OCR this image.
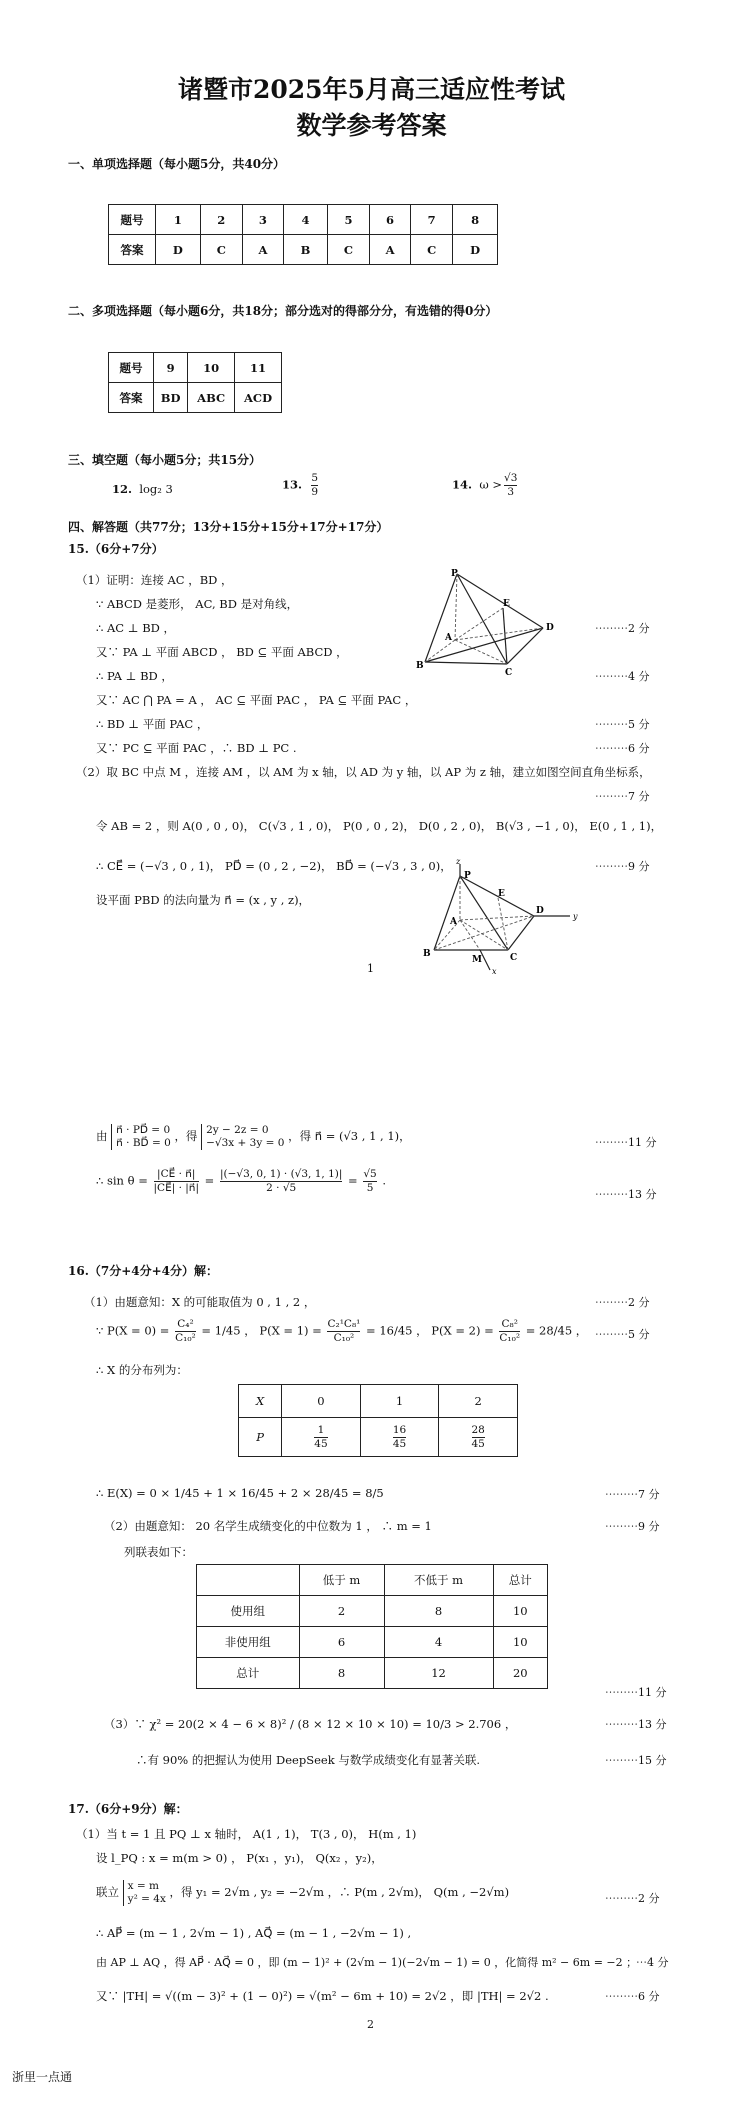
诸暨市2025年5月高三适应性考试
数学参考答案
一、单项选择题（每小题5分，共40分）
题号	1	2	3	4	5	6	7	8
答案	D	C	A	B	C	A	C	D
二、多项选择题（每小题6分，共18分；部分选对的得部分分，有选错的得0分）
题号	9	10	11
答案	BD	ABC	ACD
三、填空题（每小题5分；共15分）
12. log₂ 3	13. $\frac{5}{9}$	14. $\omega > \frac{√3}{3}$
四、解答题（共77分；13分+15分+15分+17分+17分）
15.（6分+7分）
（1）证明：连接 AC ，BD ，
∵ ABCD 是菱形， AC, BD 是对角线，
∴ AC ⊥ BD ，
又∵ PA ⊥ 平面 ABCD ， BD ⊆ 平面 ABCD ，
∴ PA ⊥ BD ，
又∵ AC ⋂ PA = A ， AC ⊆ 平面 PAC ， PA ⊆ 平面 PAC ，
∴ BD ⊥ 平面 PAC ，
又∵ PC ⊆ 平面 PAC ，∴ BD ⊥ PC .
⋯⋯⋯2 分
⋯⋯⋯4 分
⋯⋯⋯5 分
⋯⋯⋯6 分
P
A
B
C
D
E
（2）取 BC 中点 M ，连接 AM ，以 AM 为 x 轴，以 AD 为 y 轴，以 AP 为 z 轴，建立如图空间直角坐标系，
⋯⋯⋯7 分
令 AB = 2 ，则 A(0 , 0 , 0)， C(√3 , 1 , 0)， P(0 , 0 , 2)， D(0 , 2 , 0)， B(√3 , −1 , 0)， E(0 , 1 , 1)，
∴ CE⃗ = (−√3 , 0 , 1)， PD⃗ = (0 , 2 , −2)， BD⃗ = (−√3 , 3 , 0)，	⋯⋯⋯9 分
设平面 PBD 的法向量为 n⃗ = (x , y , z)，
z
P
A
B	C
D
E
M
x
y
1
由 n⃗ · PD⃗ = 0
n⃗ · BD⃗ = 0 ，得 2y − 2z = 0
−√3x + 3y = 0 ，得 n⃗ = (√3 , 1 , 1)，	⋯⋯⋯11 分
∴ $\sin \theta = \frac{|CE⃗ \cdot n⃗|}{|CE⃗| \cdot |n⃗|} = \frac{|(-√3, 0, 1) \cdot (√3, 1, 1)|}{2 \cdot √5} = \frac{√5}{5}$ .
⋯⋯⋯13 分
16.（7分+4分+4分）解：
（1）由题意知：X 的可能取值为 0 , 1 , 2 ，	⋯⋯⋯2 分
∵ $P(X = 0) = \frac{\text{C₄²}}{\text{C₁₀²}} = 1/45$ ， $P(X = 1) = \frac{\text{C₂¹C₈¹}}{\text{C₁₀²}} = 16/45$ ， $P(X = 2) = \frac{\text{C₈²}}{\text{C₁₀²}} = 28/45$ ， ⋯⋯⋯5 分
∴ X 的分布列为：
X	0	1	2
P	$\frac{1}{45}$	$\frac{16}{45}$	$\frac{28}{45}$
∴ E(X) = 0 × 1/45 + 1 × 16/45 + 2 × 28/45 = 8/5	⋯⋯⋯7 分
（2）由题意知： 20 名学生成绩变化的中位数为 1 ， ∴ m = 1	⋯⋯⋯9 分
列联表如下：
	低于 m	不低于 m	总计
使用组	2	8	10
非使用组	6	4	10
总计	8	12	20
⋯⋯⋯11 分
（3）∵ χ² = 20(2 × 4 − 6 × 8)² / (8 × 12 × 10 × 10) = 10/3 > 2.706 ，	⋯⋯⋯13 分
∴有 90% 的把握认为使用 DeepSeek 与数学成绩变化有显著关联.	⋯⋯⋯15 分
17.（6分+9分）解：
（1）当 t = 1 且 PQ ⊥ x 轴时， A(1 , 1)， T(3 , 0)， H(m , 1)
设 l_PQ : x = m(m > 0) ， P(x₁ ，y₁)， Q(x₂ ，y₂)，
联立 x = m
y² = 4x ，得 y₁ = 2√m , y₂ = −2√m ，∴ P(m , 2√m)， Q(m , −2√m)	⋯⋯⋯2 分
∴ AP⃗ = (m − 1 , 2√m − 1) , AQ⃗ = (m − 1 , −2√m − 1) ,
由 AP ⊥ AQ ，得 AP⃗ · AQ⃗ = 0 ，即 (m − 1)² + (2√m − 1)(−2√m − 1) = 0 ，化简得 m² − 6m = −2 ；
⋯4 分
又∵ |TH| = √((m − 3)² + (1 − 0)²) = √(m² − 6m + 10) = 2√2 ，即 |TH| = 2√2 .	⋯⋯⋯6 分
2
浙里一点通
